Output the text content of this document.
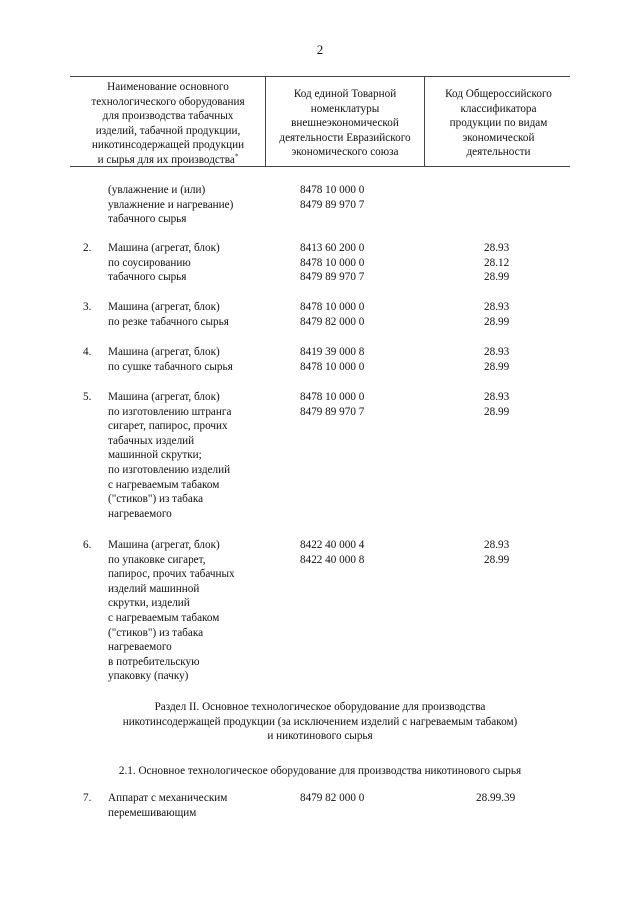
2
Наименование основного
технологического оборудования
для производства табачных
изделий, табачной продукции,
никотинсодержащей продукции
и сырья для их производства*
Код единой Товарной
номенклатуры
внешнеэкономической
деятельности Евразийского
экономического союза
Код Общероссийского
классификатора
продукции по видам
экономической
деятельности
(увлажнение и (или)
увлажнение и нагревание)
табачного сырья
8478 10 000 0
8479 89 970 7
2. Машина (агрегат, блок)
по соусированию
табачного сырья
8413 60 200 0
8478 10 000 0
8479 89 970 7
28.93
28.12
28.99
3. Машина (агрегат, блок)
по резке табачного сырья
8478 10 000 0
8479 82 000 0
28.93
28.99
4. Машина (агрегат, блок)
по сушке табачного сырья
8419 39 000 8
8478 10 000 0
28.93
28.99
5. Машина (агрегат, блок)
по изготовлению штранга
сигарет, папирос, прочих
табачных изделий
машинной скрутки;
по изготовлению изделий
с нагреваемым табаком
("стиков") из табака
нагреваемого
8478 10 000 0
8479 89 970 7
28.93
28.99
6. Машина (агрегат, блок)
по упаковке сигарет,
папирос, прочих табачных
изделий машинной
скрутки, изделий
с нагреваемым табаком
("стиков") из табака
нагреваемого
в потребительскую
упаковку (пачку)
8422 40 000 4
8422 40 000 8
28.93
28.99
Раздел II. Основное технологическое оборудование для производства
никотинсодержащей продукции (за исключением изделий с нагреваемым табаком)
и никотинового сырья
2.1. Основное технологическое оборудование для производства никотинового сырья
7. Аппарат с механическим
перемешивающим
8479 82 000 0	28.99.39
